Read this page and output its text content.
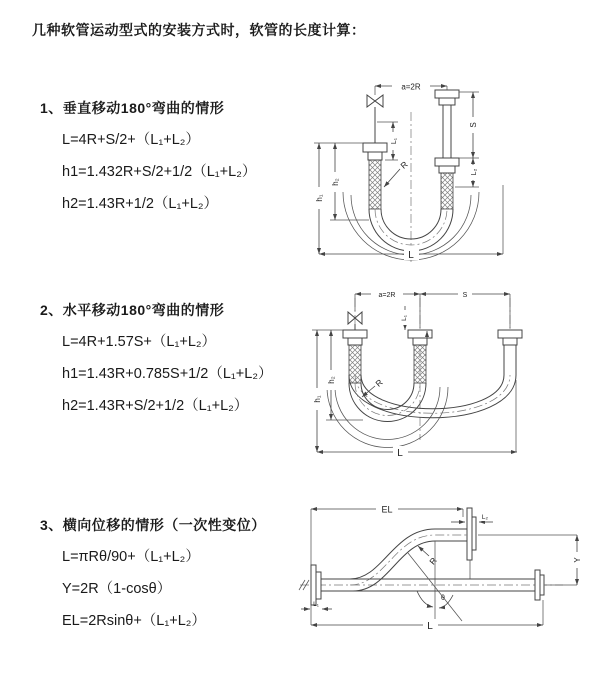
几种软管运动型式的安装方式时，软管的长度计算：
1、垂直移动180°弯曲的情形
L=4R+S/2+（L₁+L₂）
h1=1.432R+S/2+1/2（L₁+L₂）
h2=1.43R+1/2（L₁+L₂）
2、水平移动180°弯曲的情形
L=4R+1.57S+（L₁+L₂）
h1=1.43R+0.785S+1/2（L₁+L₂）
h2=1.43R+S/2+1/2（L₁+L₂）
3、横向位移的情形（一次性变位）
L=πRθ/90+（L₁+L₂）
Y=2R（1-cosθ）
EL=2Rsinθ+（L₁+L₂）
a=2R
h₁
h₂
L₁
S
L₂
R
L
a=2R	S
L₁
h₁
h₂	R
L
EL
L₂
Y
R
θ
L₁
L
